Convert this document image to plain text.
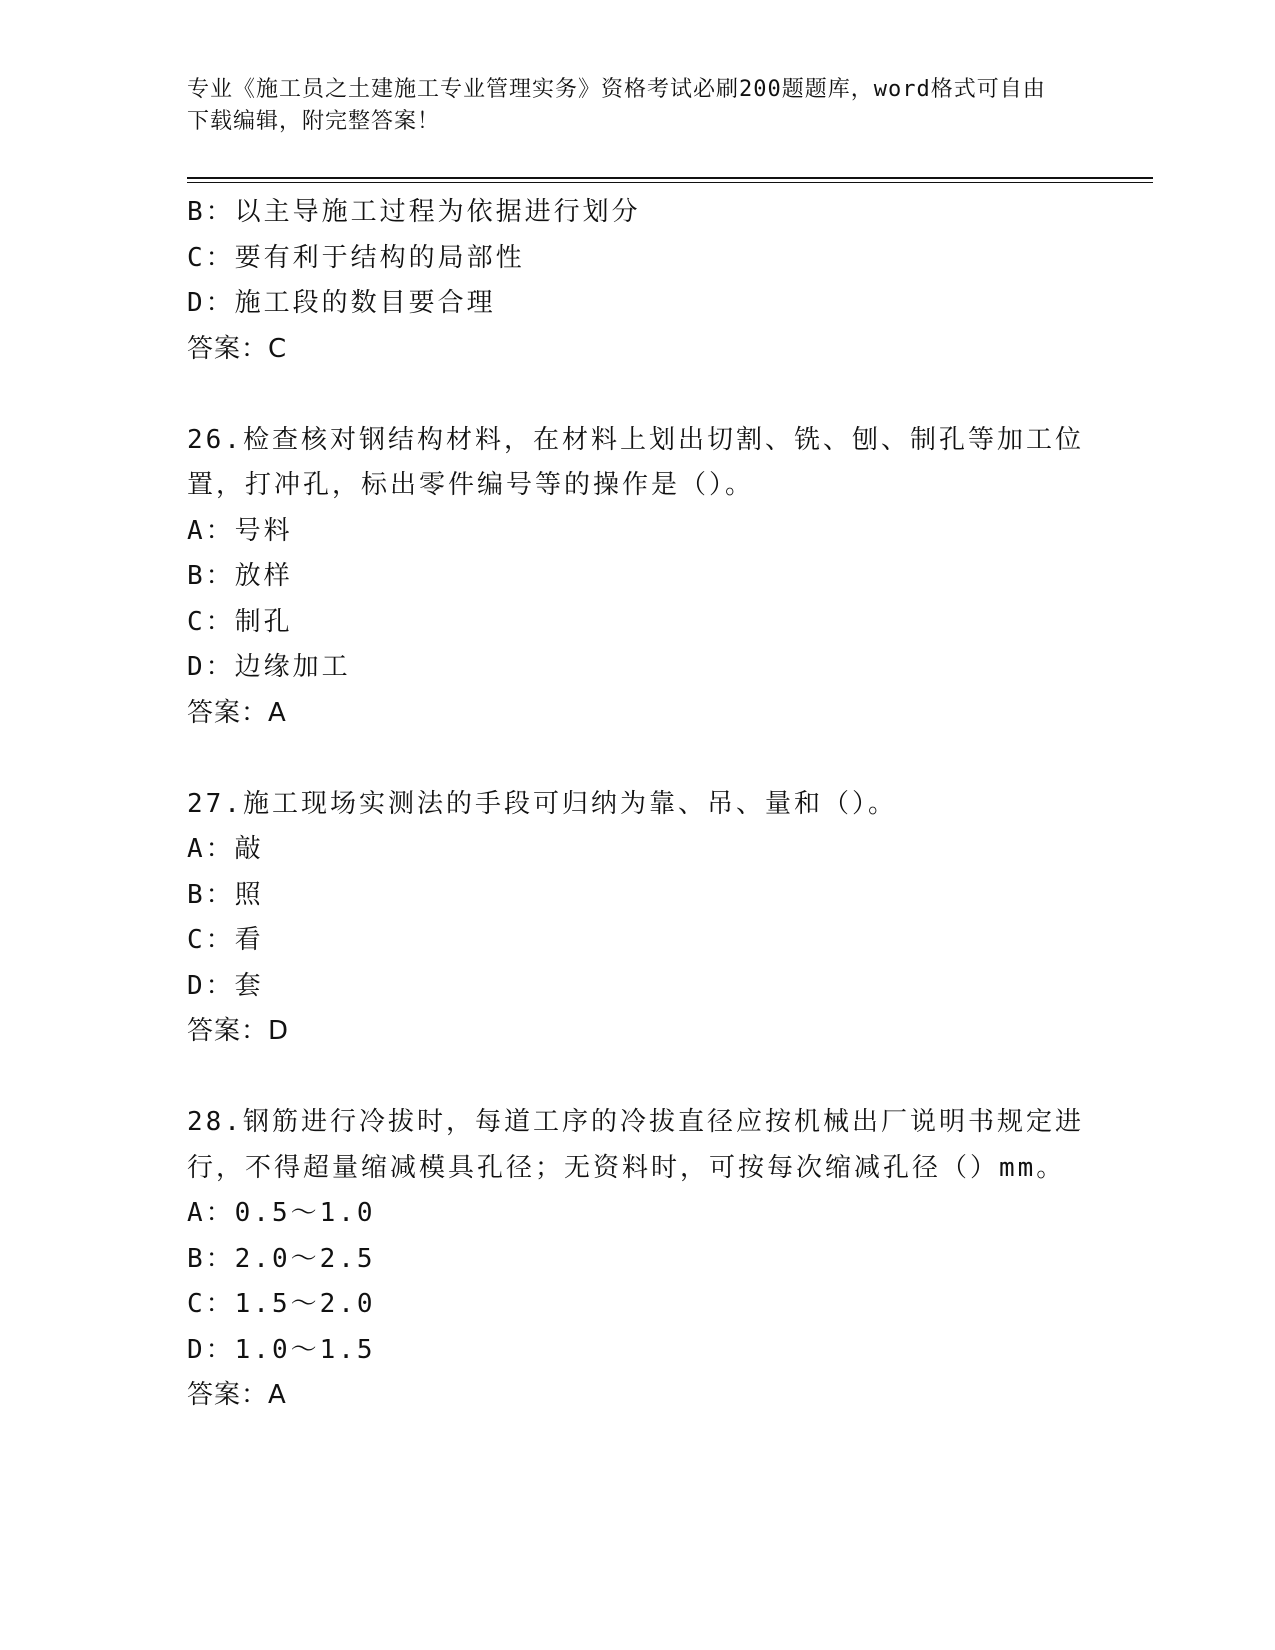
专业《施工员之土建施工专业管理实务》资格考试必刷200题题库，word格式可自由下载编辑，附完整答案！
B：以主导施工过程为依据进行划分
C：要有利于结构的局部性
D：施工段的数目要合理
答案：C
26.检查核对钢结构材料，在材料上划出切割、铣、刨、制孔等加工位置，打冲孔，标出零件编号等的操作是（）。
A：号料
B：放样
C：制孔
D：边缘加工
答案：A
27.施工现场实测法的手段可归纳为靠、吊、量和（）。
A：敲
B：照
C：看
D：套
答案：D
28.钢筋进行冷拔时，每道工序的冷拔直径应按机械出厂说明书规定进行，不得超量缩减模具孔径；无资料时，可按每次缩减孔径（）mm。
A：0.5～1.0
B：2.0～2.5
C：1.5～2.0
D：1.0～1.5
答案：A
